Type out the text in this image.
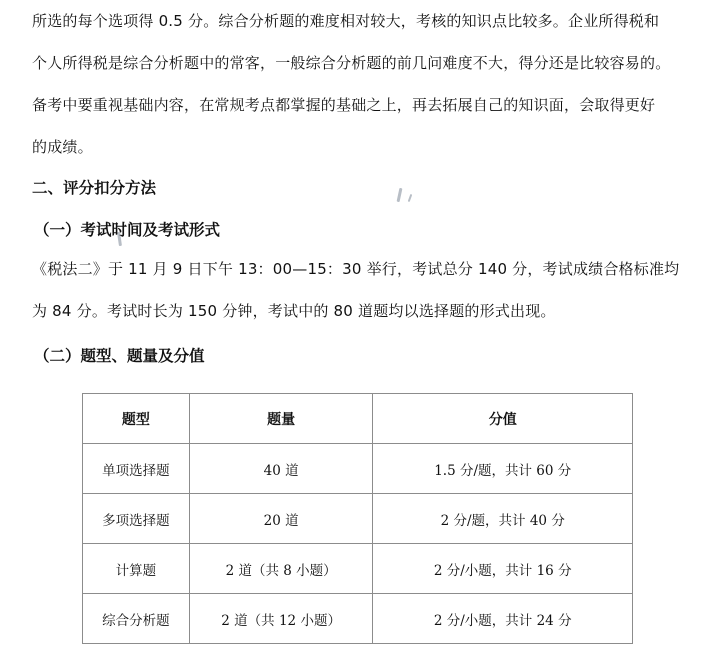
所选的每个选项得 0.5 分。综合分析题的难度相对较大，考核的知识点比较多。企业所得税和
个人所得税是综合分析题中的常客，一般综合分析题的前几问难度不大，得分还是比较容易的。
备考中要重视基础内容，在常规考点都掌握的基础之上，再去拓展自己的知识面，会取得更好
的成绩。
二、评分扣分方法
（一）考试时间及考试形式
《税法二》于 11 月 9 日下午 13：00—15：30 举行，考试总分 140 分，考试成绩合格标准均
为 84 分。考试时长为 150 分钟，考试中的 80 道题均以选择题的形式出现。
（二）题型、题量及分值
题型	题量	分值
单项选择题	40 道	1.5 分/题，共计 60 分
多项选择题	20 道	2 分/题，共计 40 分
计算题	2 道（共 8 小题）	2 分/小题，共计 16 分
综合分析题	2 道（共 12 小题）	2 分/小题，共计 24 分
